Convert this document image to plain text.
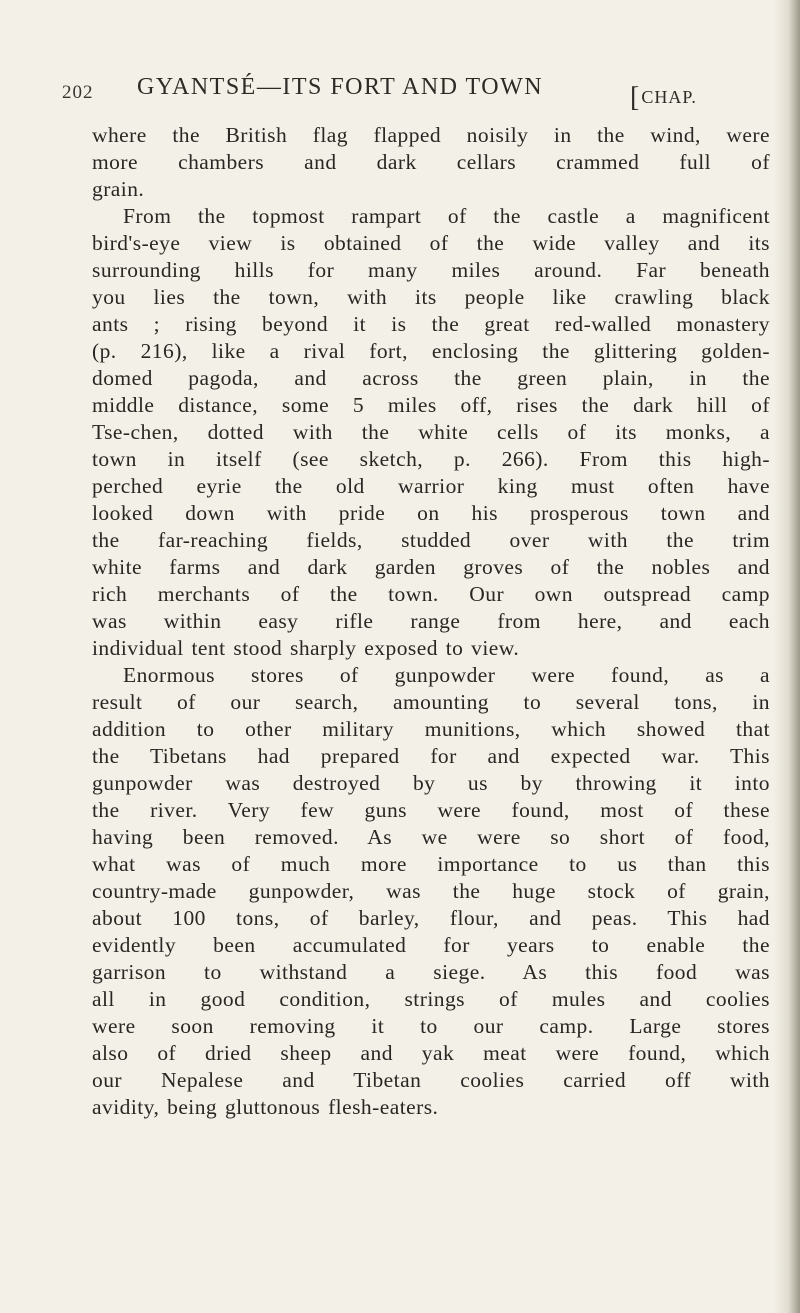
202 GYANTSÉ—ITS FORT AND TOWN	[CHAP.
where the British flag flapped noisily in the wind, were
more chambers and dark cellars crammed full of
grain.
From the topmost rampart of the castle a magnificent
bird's-eye view is obtained of the wide valley and its
surrounding hills for many miles around. Far beneath
you lies the town, with its people like crawling black
ants ; rising beyond it is the great red-walled monastery
(p. 216), like a rival fort, enclosing the glittering golden-
domed pagoda, and across the green plain, in the
middle distance, some 5 miles off, rises the dark hill of
Tse-chen, dotted with the white cells of its monks, a
town in itself (see sketch, p. 266). From this high-
perched eyrie the old warrior king must often have
looked down with pride on his prosperous town and
the far-reaching fields, studded over with the trim
white farms and dark garden groves of the nobles and
rich merchants of the town. Our own outspread camp
was within easy rifle range from here, and each
individual tent stood sharply exposed to view.
Enormous stores of gunpowder were found, as a
result of our search, amounting to several tons, in
addition to other military munitions, which showed that
the Tibetans had prepared for and expected war. This
gunpowder was destroyed by us by throwing it into
the river. Very few guns were found, most of these
having been removed. As we were so short of food,
what was of much more importance to us than this
country-made gunpowder, was the huge stock of grain,
about 100 tons, of barley, flour, and peas. This had
evidently been accumulated for years to enable the
garrison to withstand a siege. As this food was
all in good condition, strings of mules and coolies
were soon removing it to our camp. Large stores
also of dried sheep and yak meat were found, which
our Nepalese and Tibetan coolies carried off with
avidity, being gluttonous flesh-eaters.
